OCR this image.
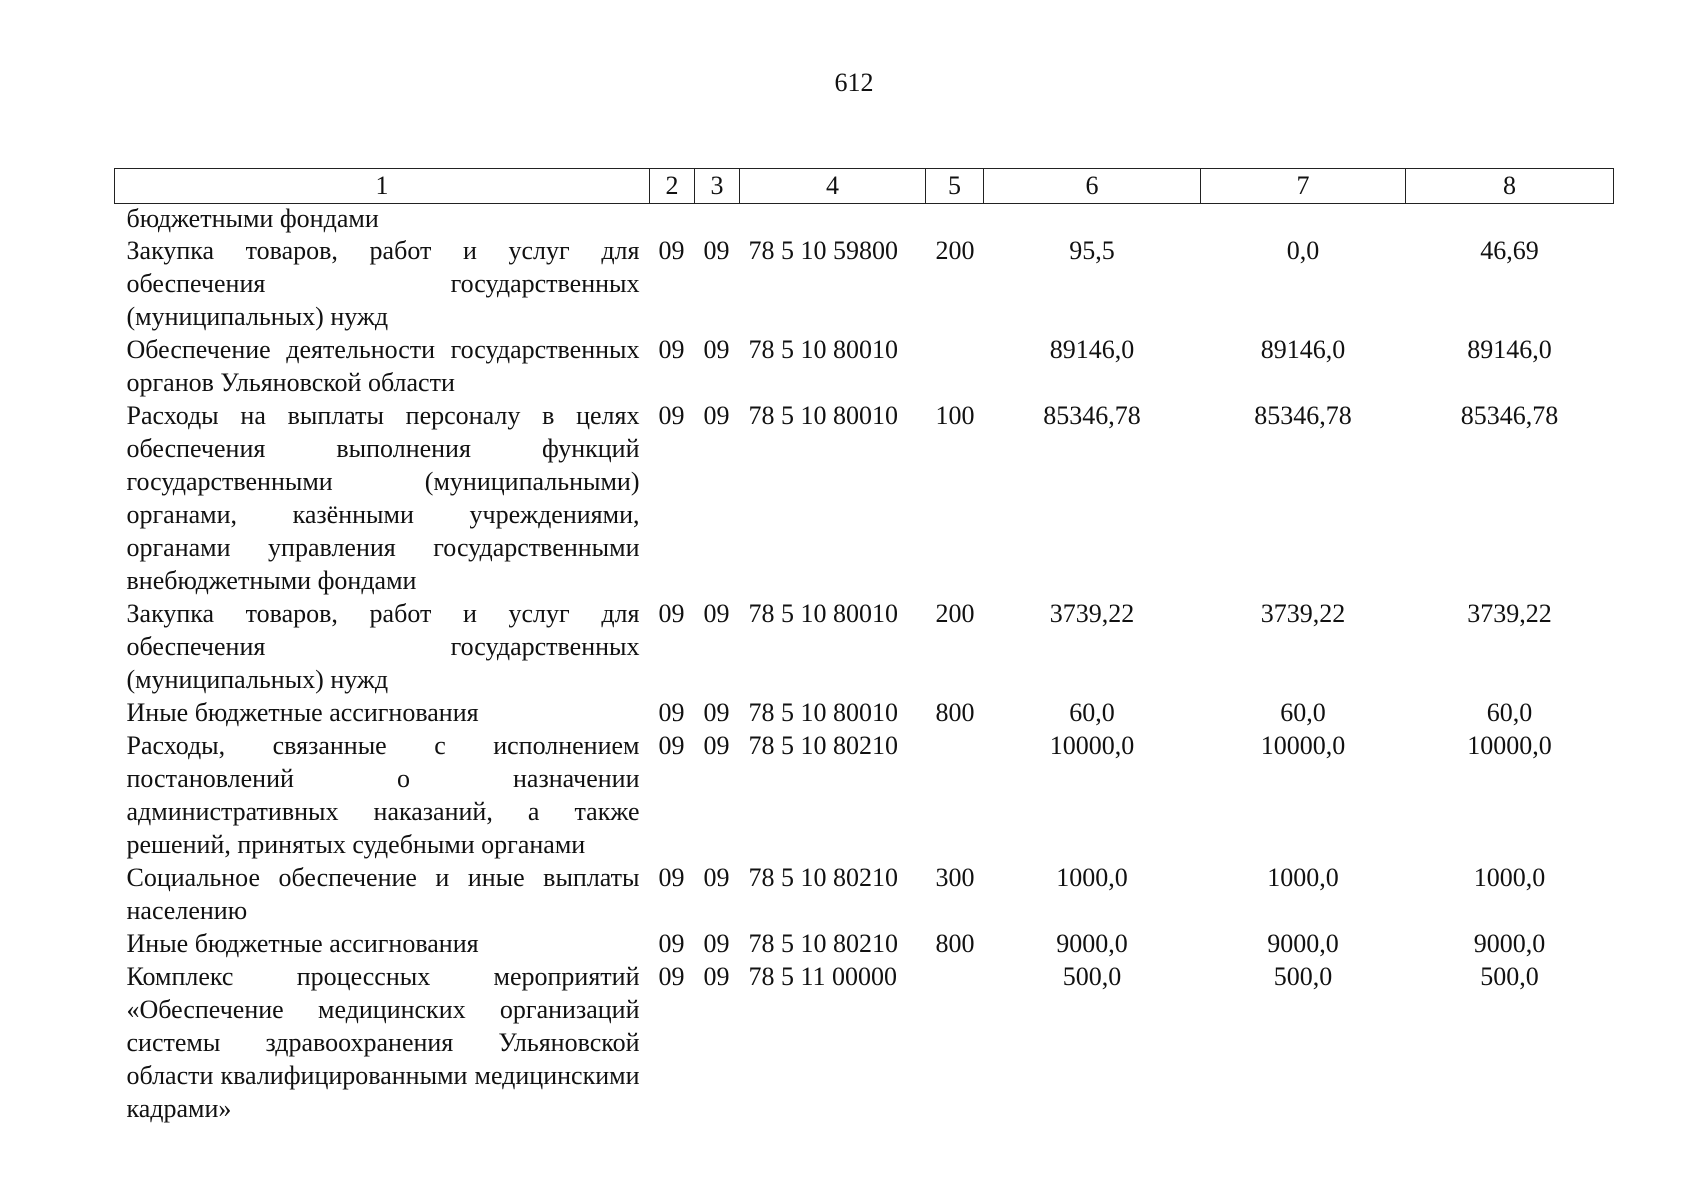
612
1	2	3	4	5	6	7	8
бюджетными фондами							
Закупка товаров, работ и услуг для обеспечения государственных (муниципальных) нужд	09	09	78 5 10 59800	200	95,5	0,0	46,69
Обеспечение деятельности государственных органов Ульяновской области	09	09	78 5 10 80010		89146,0	89146,0	89146,0
Расходы на выплаты персоналу в целях обеспечения выполнения функций государственными (муниципальными) органами, казёнными учреждениями, органами управления государственными внебюджетными фондами	09	09	78 5 10 80010	100	85346,78	85346,78	85346,78
Закупка товаров, работ и услуг для обеспечения государственных (муниципальных) нужд	09	09	78 5 10 80010	200	3739,22	3739,22	3739,22
Иные бюджетные ассигнования	09	09	78 5 10 80010	800	60,0	60,0	60,0
Расходы, связанные с исполнением постановлений о назначении административных наказаний, а также решений, принятых судебными органами	09	09	78 5 10 80210		10000,0	10000,0	10000,0
Социальное обеспечение и иные выплаты населению	09	09	78 5 10 80210	300	1000,0	1000,0	1000,0
Иные бюджетные ассигнования	09	09	78 5 10 80210	800	9000,0	9000,0	9000,0
Комплекс процессных мероприятий «Обеспечение медицинских организаций системы здравоохранения Ульяновской области квалифицированными медицинскими кадрами»	09	09	78 5 11 00000		500,0	500,0	500,0
